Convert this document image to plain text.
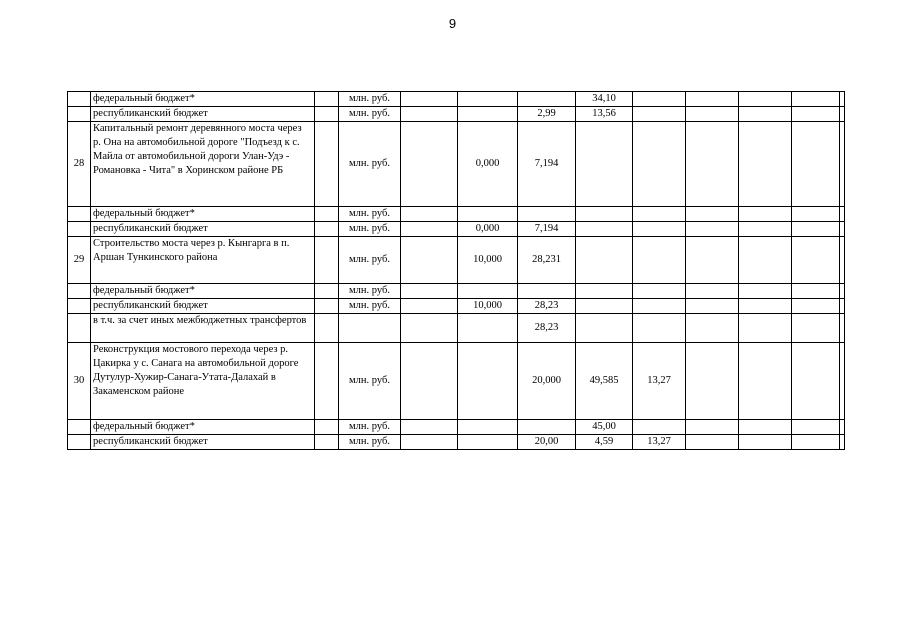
9
	федеральный бюджет*		млн. руб.				34,10					
	республиканский бюджет		млн. руб.			2,99	13,56					
28	Капитальный ремонт деревянного моста через р. Она на автомобильной дороге "Подъезд к с. Майла от автомобильной дороги Улан-Удэ - Романовка - Чита" в Хоринском районе РБ		млн. руб.		0,000	7,194						
	федеральный бюджет*		млн. руб.									
	республиканский бюджет		млн. руб.		0,000	7,194						
29	Строительство моста через р. Кынгарга в п. Аршан Тункинского района		млн. руб.		10,000	28,231						
	федеральный бюджет*		млн. руб.									
	республиканский бюджет		млн. руб.		10,000	28,23						
	в т.ч. за счет иных межбюджетных трансфертов					28,23						
30	Реконструкция мостового перехода через р. Цакирка у с. Санага на автомобильной дороге Дутулур-Хужир-Санага-Утата-Далахай в Закаменском районе		млн. руб.			20,000	49,585	13,27				
	федеральный бюджет*		млн. руб.				45,00					
	республиканский бюджет		млн. руб.			20,00	4,59	13,27				
